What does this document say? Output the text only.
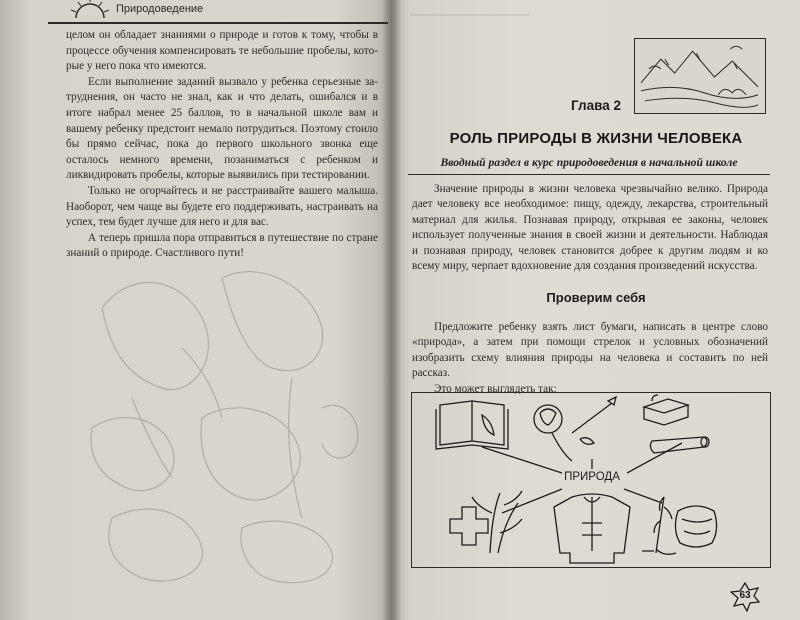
Природоведение

целом он обладает знаниями о природе и готов к тому, чтобы в процессе обучения компенсировать те небольшие пробелы, которые у него пока что имеются.

Если выполнение заданий вызвало у ребенка серьезные затруднения, он часто не знал, как и что делать, ошибался и в итоге набрал менее 25 баллов, то в начальной школе вам и вашему ребенку предстоит немало потрудиться. Поэтому стоило бы прямо сейчас, пока до первого школьного звонка еще осталось немного времени, позаниматься с ребенком и ликвидировать пробелы, которые выявились при тестировании.

Только не огорчайтесь и не расстраивайте вашего малыша. Наоборот, чем чаще вы будете его поддерживать, настраивать на успех, тем будет лучше для него и для вас.

А теперь пришла пора отправиться в путешествие по стране знаний о природе. Счастливого пути!

Глава 2
РОЛЬ ПРИРОДЫ В ЖИЗНИ ЧЕЛОВЕКА
Вводный раздел в курс природоведения в начальной школе

Значение природы в жизни человека чрезвычайно велико. Природа дает человеку все необходимое: пищу, одежду, лекарства, строительный материал для жилья. Познавая природу, открывая ее законы, человек использует полученные знания в своей жизни и деятельности. Наблюдая и познавая природу, человек становится добрее к другим людям и ко всему миру, черпает вдохновение для создания произведений искусства.

Проверим себя

Предложите ребенку взять лист бумаги, написать в центре слово «природа», а затем при помощи стрелок и условных обозначений изобразить схему влияния природы на человека и составить по ней рассказ.

Это может выглядеть так:

ПРИРОДА
63
